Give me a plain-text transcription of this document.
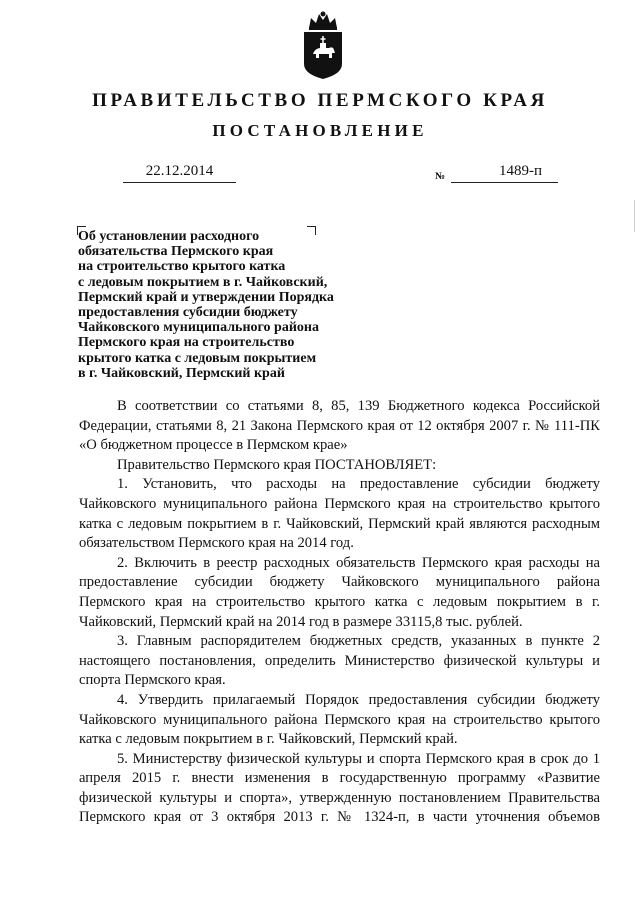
ПРАВИТЕЛЬСТВО ПЕРМСКОГО КРАЯ
ПОСТАНОВЛЕНИЕ
22.12.2014	№	1489-п
Об установлении расходного
обязательства Пермского края
на строительство крытого катка
с ледовым покрытием в г. Чайковский,
Пермский край и утверждении Порядка
предоставления субсидии бюджету
Чайковского муниципального района
Пермского края на строительство
крытого катка с ледовым покрытием
в г. Чайковский, Пермский край

В соответствии со статьями 8, 85, 139 Бюджетного кодекса Российской Федерации, статьями 8, 21 Закона Пермского края от 12 октября 2007 г. № 111-ПК «О бюджетном процессе в Пермском крае»

Правительство Пермского края ПОСТАНОВЛЯЕТ:

1. Установить, что расходы на предоставление субсидии бюджету Чайковского муниципального района Пермского края на строительство крытого катка с ледовым покрытием в г. Чайковский, Пермский край являются расходным обязательством Пермского края на 2014 год.

2. Включить в реестр расходных обязательств Пермского края расходы на предоставление субсидии бюджету Чайковского муниципального района Пермского края на строительство крытого катка с ледовым покрытием в г. Чайковский, Пермский край на 2014 год в размере 33115,8 тыс. рублей.

3. Главным распорядителем бюджетных средств, указанных в пункте 2 настоящего постановления, определить Министерство физической культуры и спорта Пермского края.

4. Утвердить прилагаемый Порядок предоставления субсидии бюджету Чайковского муниципального района Пермского края на строительство крытого катка с ледовым покрытием в г. Чайковский, Пермский край.

5. Министерству физической культуры и спорта Пермского края в срок до 1 апреля 2015 г. внести изменения в государственную программу «Развитие физической культуры и спорта», утвержденную постановлением Правительства Пермского края от 3 октября 2013 г. № 1324-п, в части уточнения объемов
